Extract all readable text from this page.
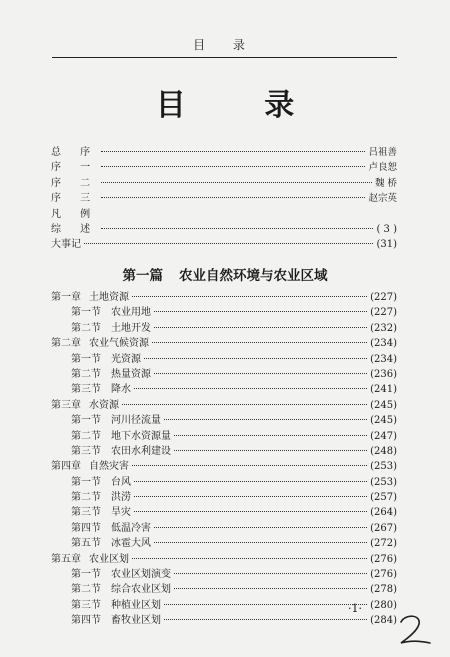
目 录
目 录
总 序	吕祖善
序 一	卢良恕
序 二	魏 桥
序 三	赵宗英
凡 例
综 述	( 3 )
大事记	(31)
第一篇 农业自然环境与农业区域
第一章 土地资源	(227)
第一节	农业用地	(227)
第二节	土地开发	(232)
第二章 农业气候资源	(234)
第一节	光资源	(234)
第二节	热量资源	(236)
第三节	降水	(241)
第三章 水资源	(245)
第一节	河川径流量	(245)
第二节	地下水资源量	(247)
第三节	农田水利建设	(248)
第四章 自然灾害	(253)
第一节	台风	(253)
第二节	洪涝	(257)
第三节	旱灾	(264)
第四节	低温冷害	(267)
第五节	冰雹大风	(272)
第五章 农业区划	(276)
第一节	农业区划演变	(276)
第二节	综合农业区划	(278)
第三节	种植业区划	(280)
第四节	畜牧业区划	(284)
·1·
